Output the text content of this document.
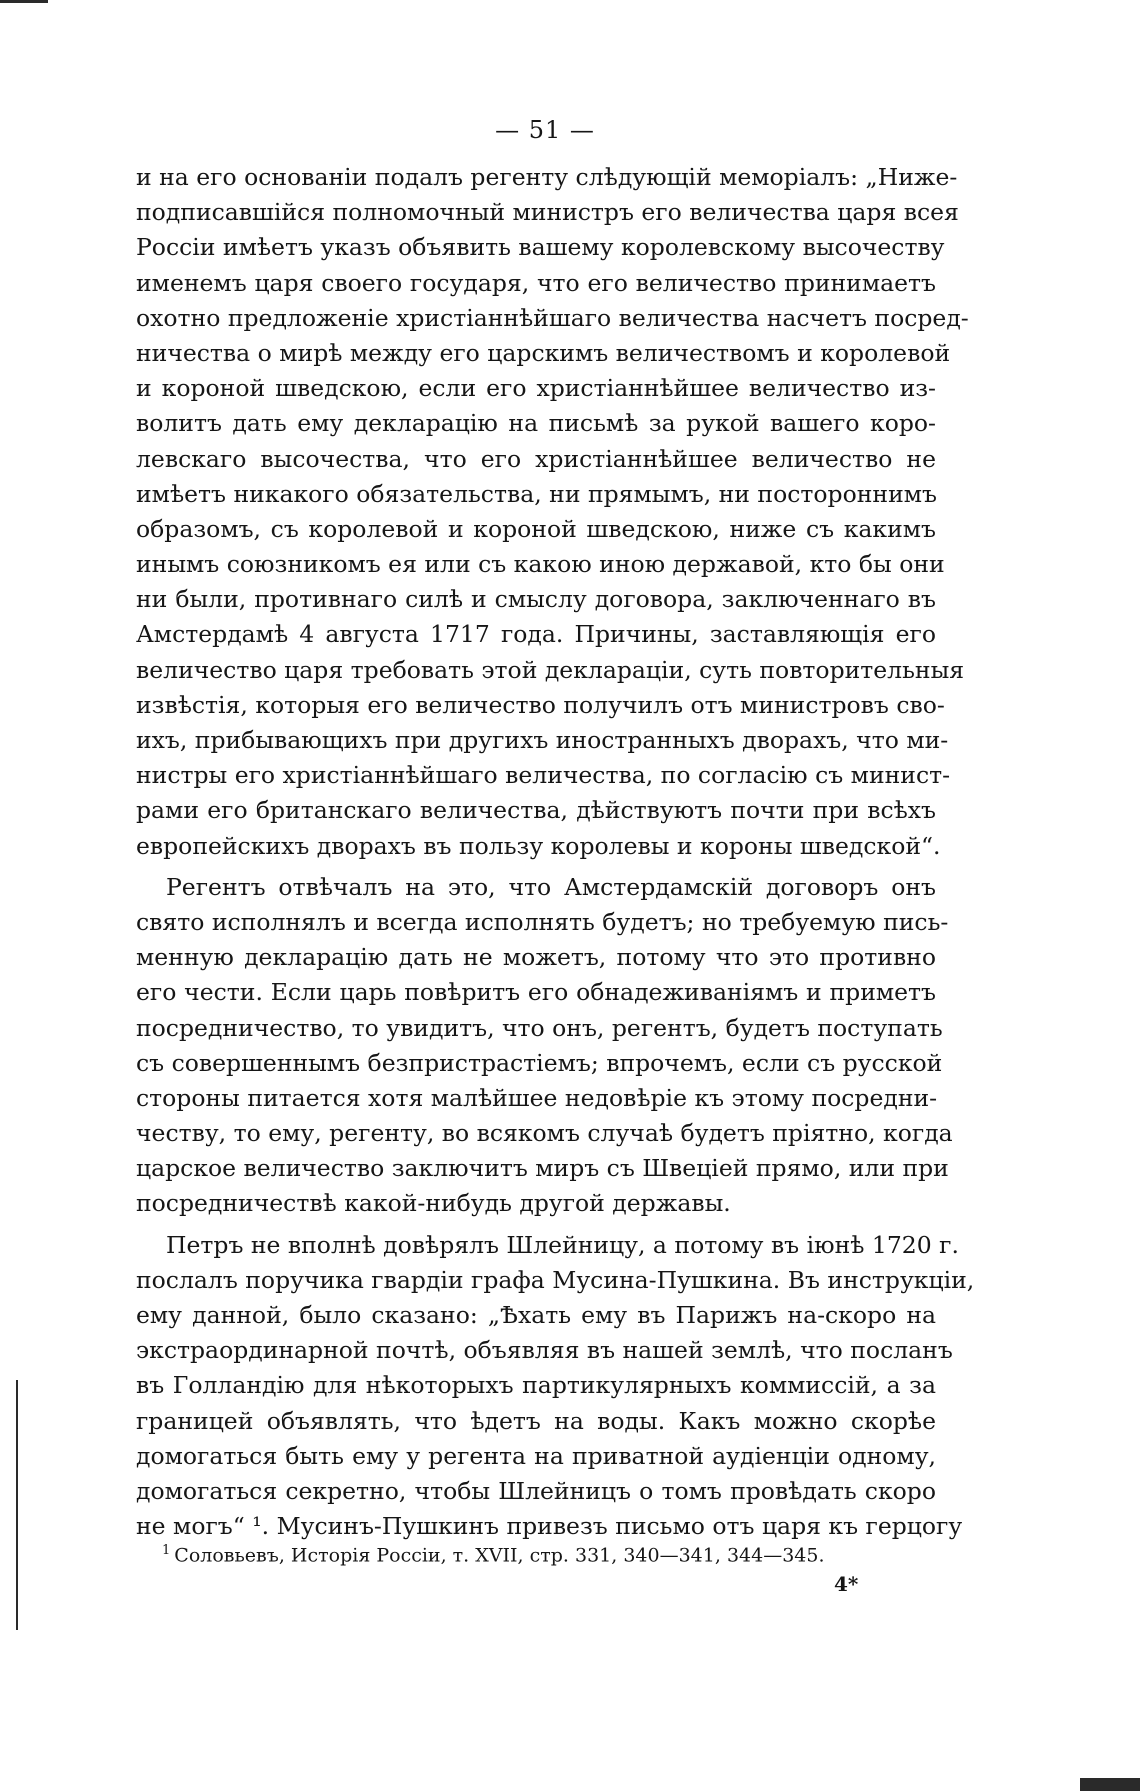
— 51 —
и на его основанiи подалъ регенту слѣдующiй меморiалъ: „Ниже-
подписавшiйся полномочный министръ его величества царя всея
Россiи имѣетъ указъ объявить вашему королевскому высочеству
именемъ царя своего государя, что его величество принимаетъ
охотно предложенiе христiаннѣйшаго величества насчетъ посред-
ничества о мирѣ между его царскимъ величествомъ и королевой
и короной шведскою, если его христiаннѣйшее величество из-
волитъ дать ему декларацiю на письмѣ за рукой вашего коро-
левскаго высочества, что его христiаннѣйшее величество не
имѣетъ никакого обязательства, ни прямымъ, ни постороннимъ
образомъ, съ королевой и короной шведскою, ниже съ какимъ
инымъ союзникомъ ея или съ какою иною державой, кто бы они
ни были, противнаго силѣ и смыслу договора, заключеннаго въ
Амстердамѣ 4 августа 1717 года. Причины, заставляющiя его
величество царя требовать этой декларацiи, суть повторительныя
извѣстiя, которыя его величество получилъ отъ министровъ сво-
ихъ, прибывающихъ при другихъ иностранныхъ дворахъ, что ми-
нистры его христiаннѣйшаго величества, по согласiю съ минист-
рами его британскаго величества, дѣйствуютъ почти при всѣхъ
европейскихъ дворахъ въ пользу королевы и короны шведской“.
Регентъ отвѣчалъ на это, что Амстердамскiй договоръ онъ
свято исполнялъ и всегда исполнять будетъ; но требуемую пись-
менную декларацiю дать не можетъ, потому что это противно
его чести. Если царь повѣритъ его обнадеживанiямъ и приметъ
посредничество, то увидитъ, что онъ, регентъ, будетъ поступать
съ совершеннымъ безпристрастiемъ; впрочемъ, если съ русской
стороны питается хотя малѣйшее недовѣрiе къ этому посредни-
честву, то ему, регенту, во всякомъ случаѣ будетъ прiятно, когда
царское величество заключитъ миръ съ Швецiей прямо, или при
посредничествѣ какой-нибудь другой державы.
Петръ не вполнѣ довѣрялъ Шлейницу, а потому въ iюнѣ 1720 г.
послалъ поручика гвардiи графа Мусина-Пушкина. Въ инструкцiи,
ему данной, было сказано: „Ѣхать ему въ Парижъ на-скоро на
экстраординарной почтѣ, объявляя въ нашей землѣ, что посланъ
въ Голландiю для нѣкоторыхъ партикулярныхъ коммиссiй, а за
границей объявлять, что ѣдетъ на воды. Какъ можно скорѣе
домогаться быть ему у регента на приватной аудiенцiи одному,
домогаться секретно, чтобы Шлейницъ о томъ провѣдать скоро
не могъ“ ¹. Мусинъ-Пушкинъ привезъ письмо отъ царя къ герцогу
$^1$ Соловьевъ, Исторiя Россiи, т. XVII, стр. 331, 340—341, 344—345.
4*
